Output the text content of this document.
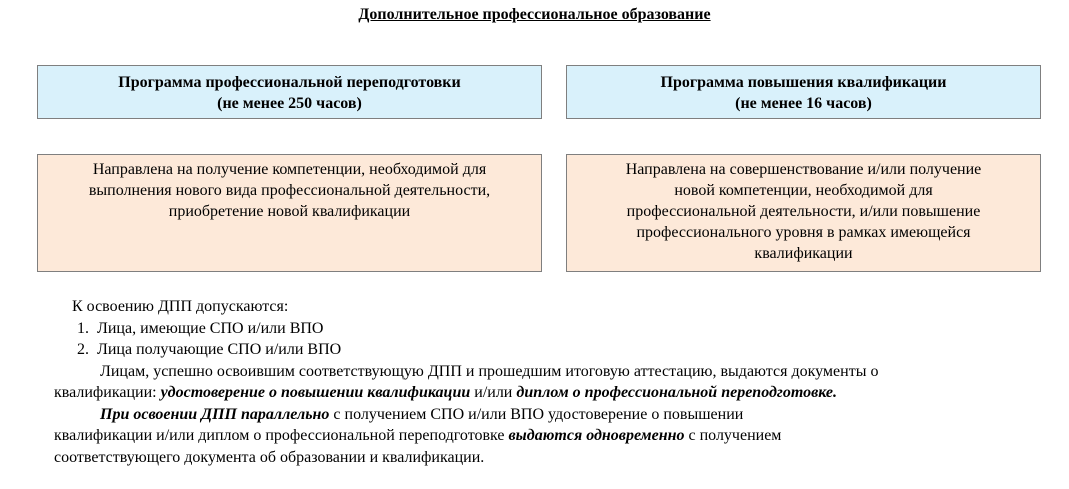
Дополнительное профессиональное образование
Программа профессиональной переподготовки
(не менее 250 часов)
Программа повышения квалификации
(не менее 16 часов)
Направлена на получение компетенции, необходимой для
выполнения нового вида профессиональной деятельности,
приобретение новой квалификации
Направлена на совершенствование и/или получение
новой компетенции, необходимой для
профессиональной деятельности, и/или повышение
профессионального уровня в рамках имеющейся
квалификации
К освоению ДПП допускаются:
1. Лица, имеющие СПО и/или ВПО
2. Лица получающие СПО и/или ВПО
Лицам, успешно освоившим соответствующую ДПП и прошедшим итоговую аттестацию, выдаются документы о
квалификации: удостоверение о повышении квалификации и/или диплом о профессиональной переподготовке.
При освоении ДПП параллельно с получением СПО и/или ВПО удостоверение о повышении
квалификации и/или диплом о профессиональной переподготовке выдаются одновременно с получением
соответствующего документа об образовании и квалификации.
